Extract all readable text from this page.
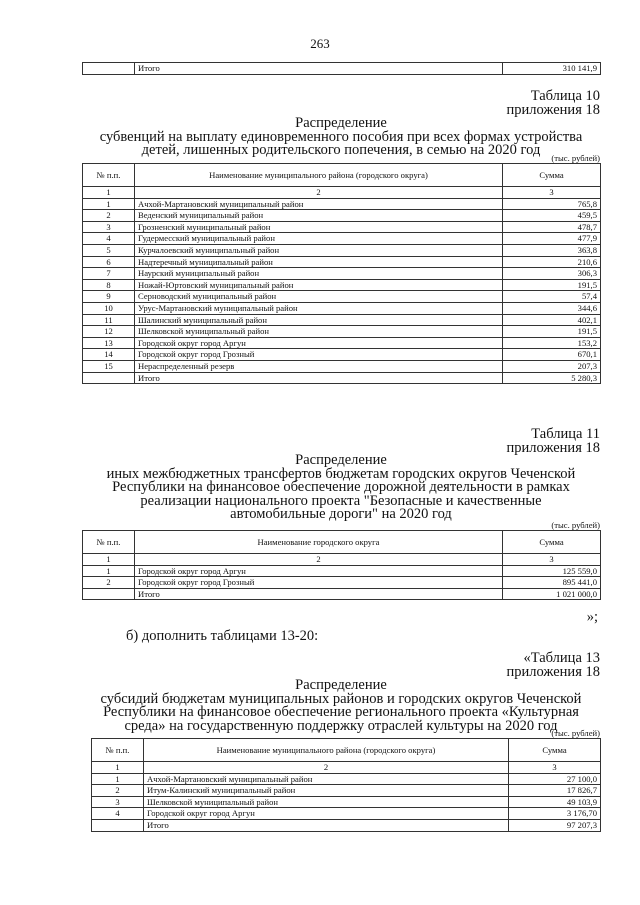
263
	Итого	310 141,9
Таблица 10
приложения 18
Распределение
субвенций на выплату единовременного пособия при всех формах устройства
детей, лишенных родительского попечения, в семью на 2020 год	(тыс. рублей)
№ п.п.	Наименование муниципального района (городского округа)	Сумма
1	2	3
1	Ачхой-Мартановский муниципальный район	765,8
2	Веденский муниципальный район	459,5
3	Грозненский муниципальный район	478,7
4	Гудермесский муниципальный район	477,9
5	Курчалоевский муниципальный район	363,8
6	Надтеречный муниципальный район	210,6
7	Наурский муниципальный район	306,3
8	Ножай-Юртовский муниципальный район	191,5
9	Серноводский муниципальный район	57,4
10	Урус-Мартановский муниципальный район	344,6
11	Шалинский муниципальный район	402,1
12	Шелковской муниципальный район	191,5
13	Городской округ город Аргун	153,2
14	Городской округ город Грозный	670,1
15	Нераспределенный резерв	207,3
	Итого	5 280,3
Таблица 11
приложения 18
Распределение
иных межбюджетных трансфертов бюджетам городских округов Чеченской
Республики на финансовое обеспечение дорожной деятельности в рамках
реализации национального проекта "Безопасные и качественные
автомобильные дороги" на 2020 год
(тыс. рублей)
№ п.п.	Наименование городского округа	Сумма
1	2	3
1	Городской округ город Аргун	125 559,0
2	Городской округ город Грозный	895 441,0
	Итого	1 021 000,0
»;
б) дополнить таблицами 13-20:
«Таблица 13
приложения 18
Распределение
субсидий бюджетам муниципальных районов и городских округов Чеченской
Республики на финансовое обеспечение регионального проекта «Культурная
среда» на государственную поддержку отраслей культуры на 2020 год
(тыс. рублей)
№ п.п.	Наименование муниципального района (городского округа)	Сумма
1	2	3
1	Ачхой-Мартановский муниципальный район	27 100,0
2	Итум-Калинский муниципальный район	17 826,7
3	Шелковской муниципальный район	49 103,9
4	Городской округ город Аргун	3 176,70
	Итого	97 207,3
